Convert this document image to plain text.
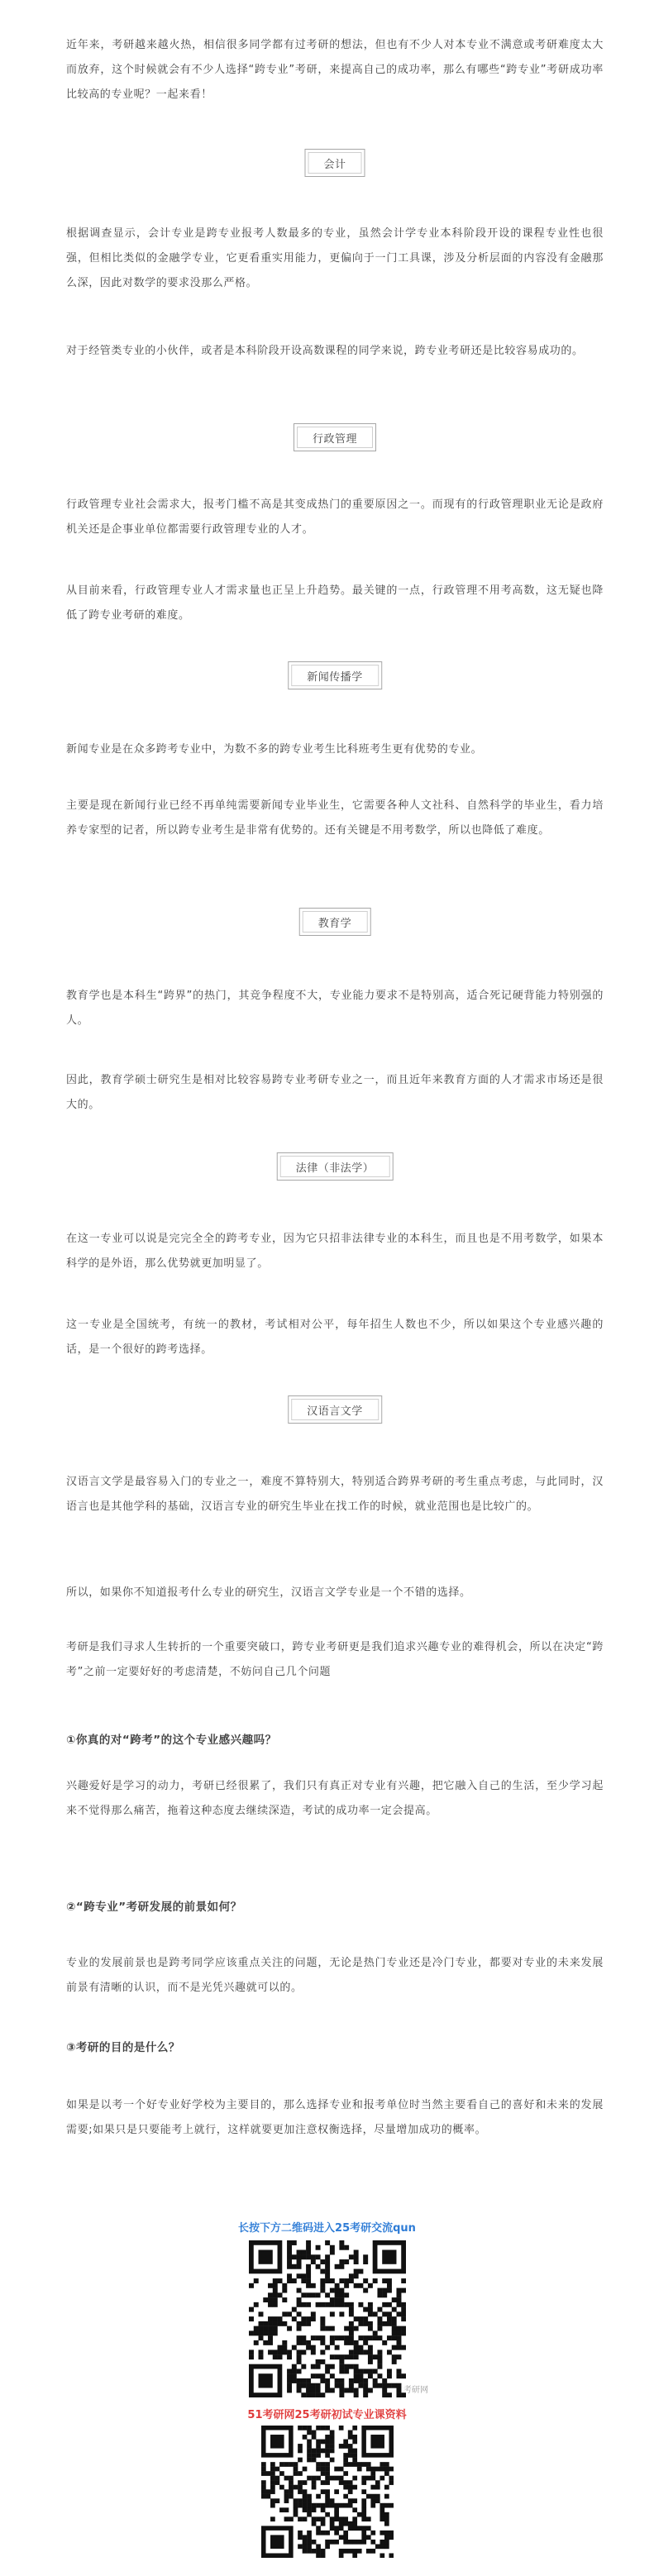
近年来，考研越来越火热，相信很多同学都有过考研的想法，但也有不少人对本专业不满意或考研难度太大而放弃，这个时候就会有不少人选择“跨专业”考研，来提高自己的成功率，那么有哪些“跨专业”考研成功率比较高的专业呢？一起来看！

会计

根据调查显示，会计专业是跨专业报考人数最多的专业，虽然会计学专业本科阶段开设的课程专业性也很强，但相比类似的金融学专业，它更看重实用能力，更偏向于一门工具课，涉及分析层面的内容没有金融那么深，因此对数学的要求没那么严格。

对于经管类专业的小伙伴，或者是本科阶段开设高数课程的同学来说，跨专业考研还是比较容易成功的。

行政管理

行政管理专业社会需求大，报考门槛不高是其变成热门的重要原因之一。而现有的行政管理职业无论是政府机关还是企事业单位都需要行政管理专业的人才。

从目前来看，行政管理专业人才需求量也正呈上升趋势。最关键的一点，行政管理不用考高数，这无疑也降低了跨专业考研的难度。

新闻传播学

新闻专业是在众多跨考专业中，为数不多的跨专业考生比科班考生更有优势的专业。

主要是现在新闻行业已经不再单纯需要新闻专业毕业生，它需要各种人文社科、自然科学的毕业生，看力培养专家型的记者，所以跨专业考生是非常有优势的。还有关键是不用考数学，所以也降低了难度。

教育学

教育学也是本科生“跨界”的热门，其竞争程度不大，专业能力要求不是特别高，适合死记硬背能力特别强的人。

因此，教育学硕士研究生是相对比较容易跨专业考研专业之一，而且近年来教育方面的人才需求市场还是很大的。

法律（非法学）

在这一专业可以说是完完全全的跨考专业，因为它只招非法律专业的本科生，而且也是不用考数学，如果本科学的是外语，那么优势就更加明显了。

这一专业是全国统考，有统一的教材，考试相对公平，每年招生人数也不少，所以如果这个专业感兴趣的话，是一个很好的跨考选择。

汉语言文学

汉语言文学是最容易入门的专业之一，难度不算特别大，特别适合跨界考研的考生重点考虑，与此同时，汉语言也是其他学科的基础，汉语言专业的研究生毕业在找工作的时候，就业范围也是比较广的。

所以，如果你不知道报考什么专业的研究生，汉语言文学专业是一个不错的选择。

考研是我们寻求人生转折的一个重要突破口，跨专业考研更是我们追求兴趣专业的难得机会，所以在决定“跨考”之前一定要好好的考虑清楚，不妨问自己几个问题

①你真的对“跨考”的这个专业感兴趣吗？

兴趣爱好是学习的动力，考研已经很累了，我们只有真正对专业有兴趣，把它融入自己的生活，至少学习起来不觉得那么痛苦，拖着这种态度去继续深造，考试的成功率一定会提高。

②“跨专业”考研发展的前景如何？

专业的发展前景也是跨考同学应该重点关注的问题，无论是热门专业还是冷门专业，都要对专业的未来发展前景有清晰的认识，而不是光凭兴趣就可以的。

③考研的目的是什么？

如果是以考一个好专业好学校为主要目的，那么选择专业和报考单位时当然主要看自己的喜好和未来的发展需要;如果只是只要能考上就行，这样就要更加注意权衡选择，尽量增加成功的概率。

长按下方二维码进入25考研交流qun
考研网
51考研网25考研初试专业课资料
